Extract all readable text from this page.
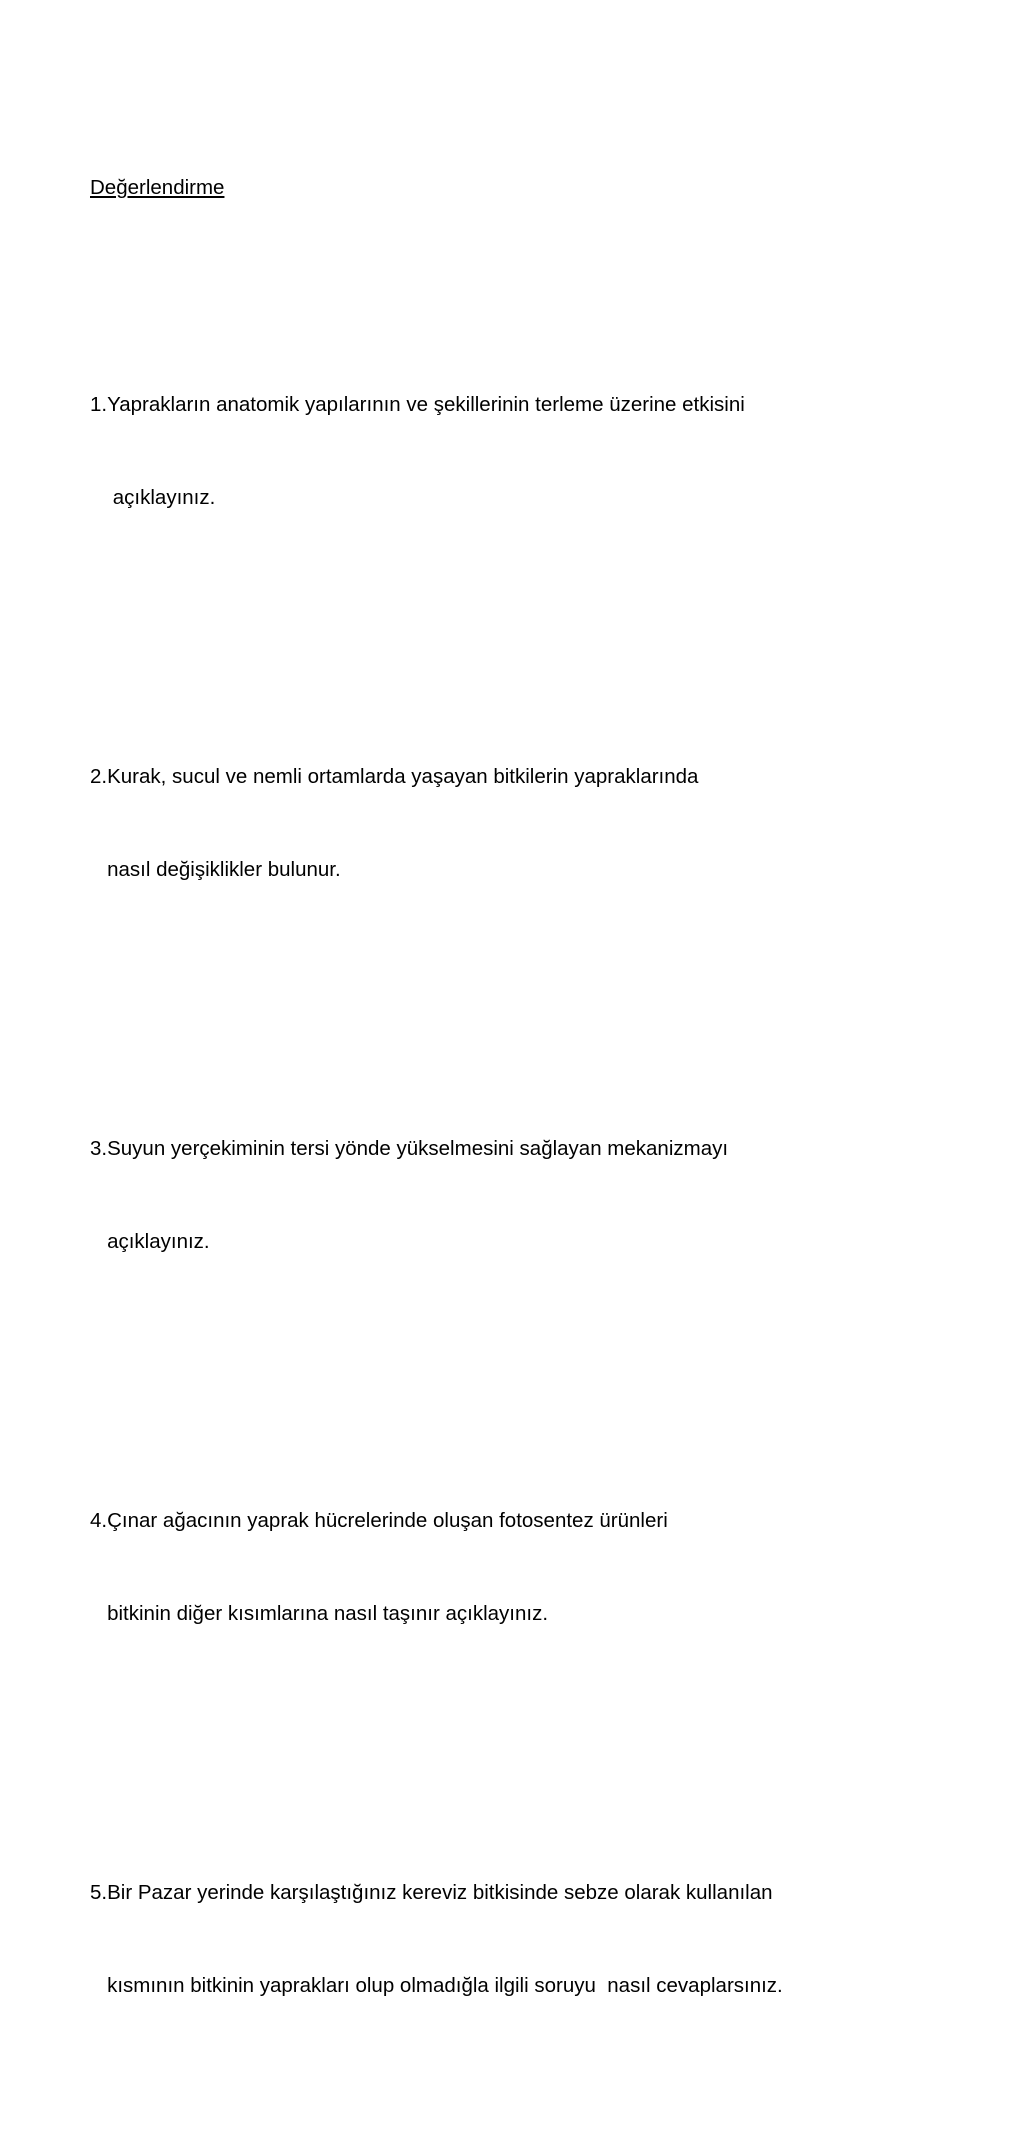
Değerlendirme

1.Yaprakların anatomik yapılarının ve şekillerinin terleme üzerine etkisini

açıklayınız.

2.Kurak, sucul ve nemli ortamlarda yaşayan bitkilerin yapraklarında

nasıl değişiklikler bulunur.

3.Suyun yerçekiminin tersi yönde yükselmesini sağlayan mekanizmayı

açıklayınız.

4.Çınar ağacının yaprak hücrelerinde oluşan fotosentez ürünleri

bitkinin diğer kısımlarına nasıl taşınır açıklayınız.

5.Bir Pazar yerinde karşılaştığınız kereviz bitkisinde sebze olarak kullanılan

kısmının bitkinin yaprakları olup olmadığla ilgili soruyu  nasıl cevaplarsınız.
